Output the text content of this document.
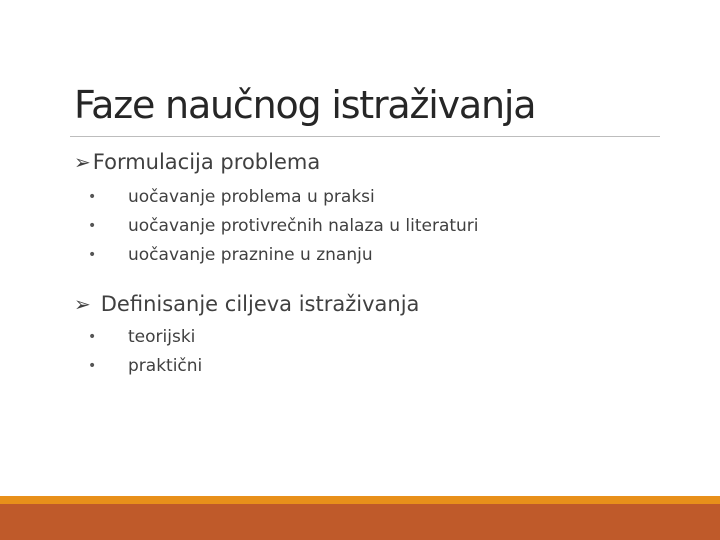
Faze naučnog istraživanja
➢ Formulacija problema
• uočavanje problema u praksi
• uočavanje protivrečnih nalaza u literaturi
• uočavanje praznine u znanju
➢ Definisanje ciljeva istraživanja
• teorijski
• praktični
